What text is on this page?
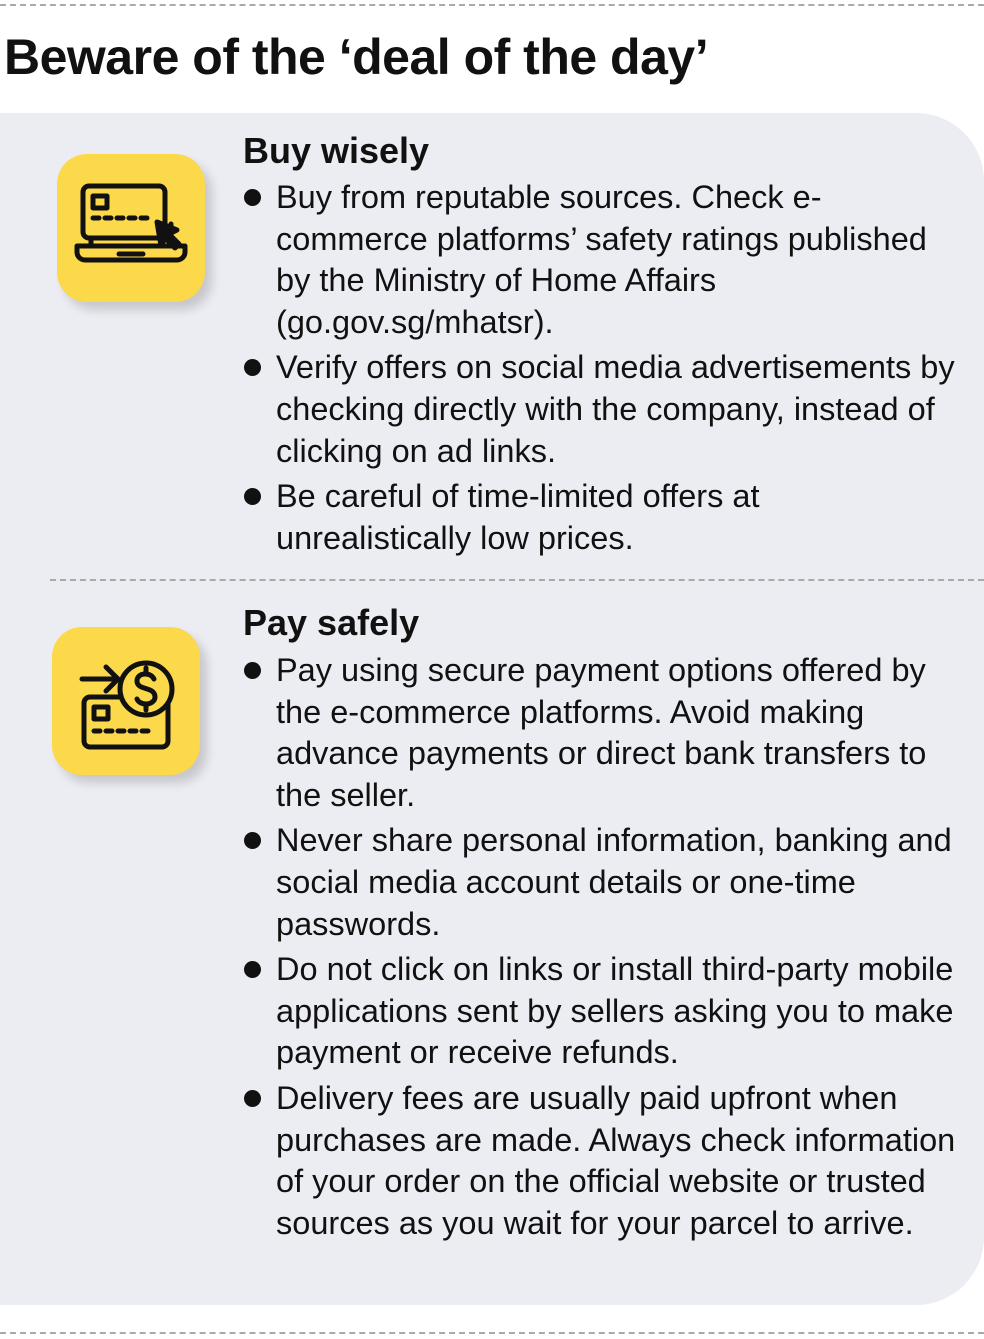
Beware of the ‘deal of the day’
Buy wisely
Buy from reputable sources. Check e-commerce platforms’ safety ratings published by the Ministry of Home Affairs (go.gov.sg/mhatsr).
Verify offers on social media advertisements by checking directly with the company, instead of clicking on ad links.
Be careful of time-limited offers at unrealistically low prices.
Pay safely
Pay using secure payment options offered by the e-commerce platforms. Avoid making advance payments or direct bank transfers to the seller.
Never share personal information, banking and social media account details or one-time passwords.
Do not click on links or install third-party mobile applications sent by sellers asking you to make payment or receive refunds.
Delivery fees are usually paid upfront when purchases are made. Always check information of your order on the official website or trusted sources as you wait for your parcel to arrive.
